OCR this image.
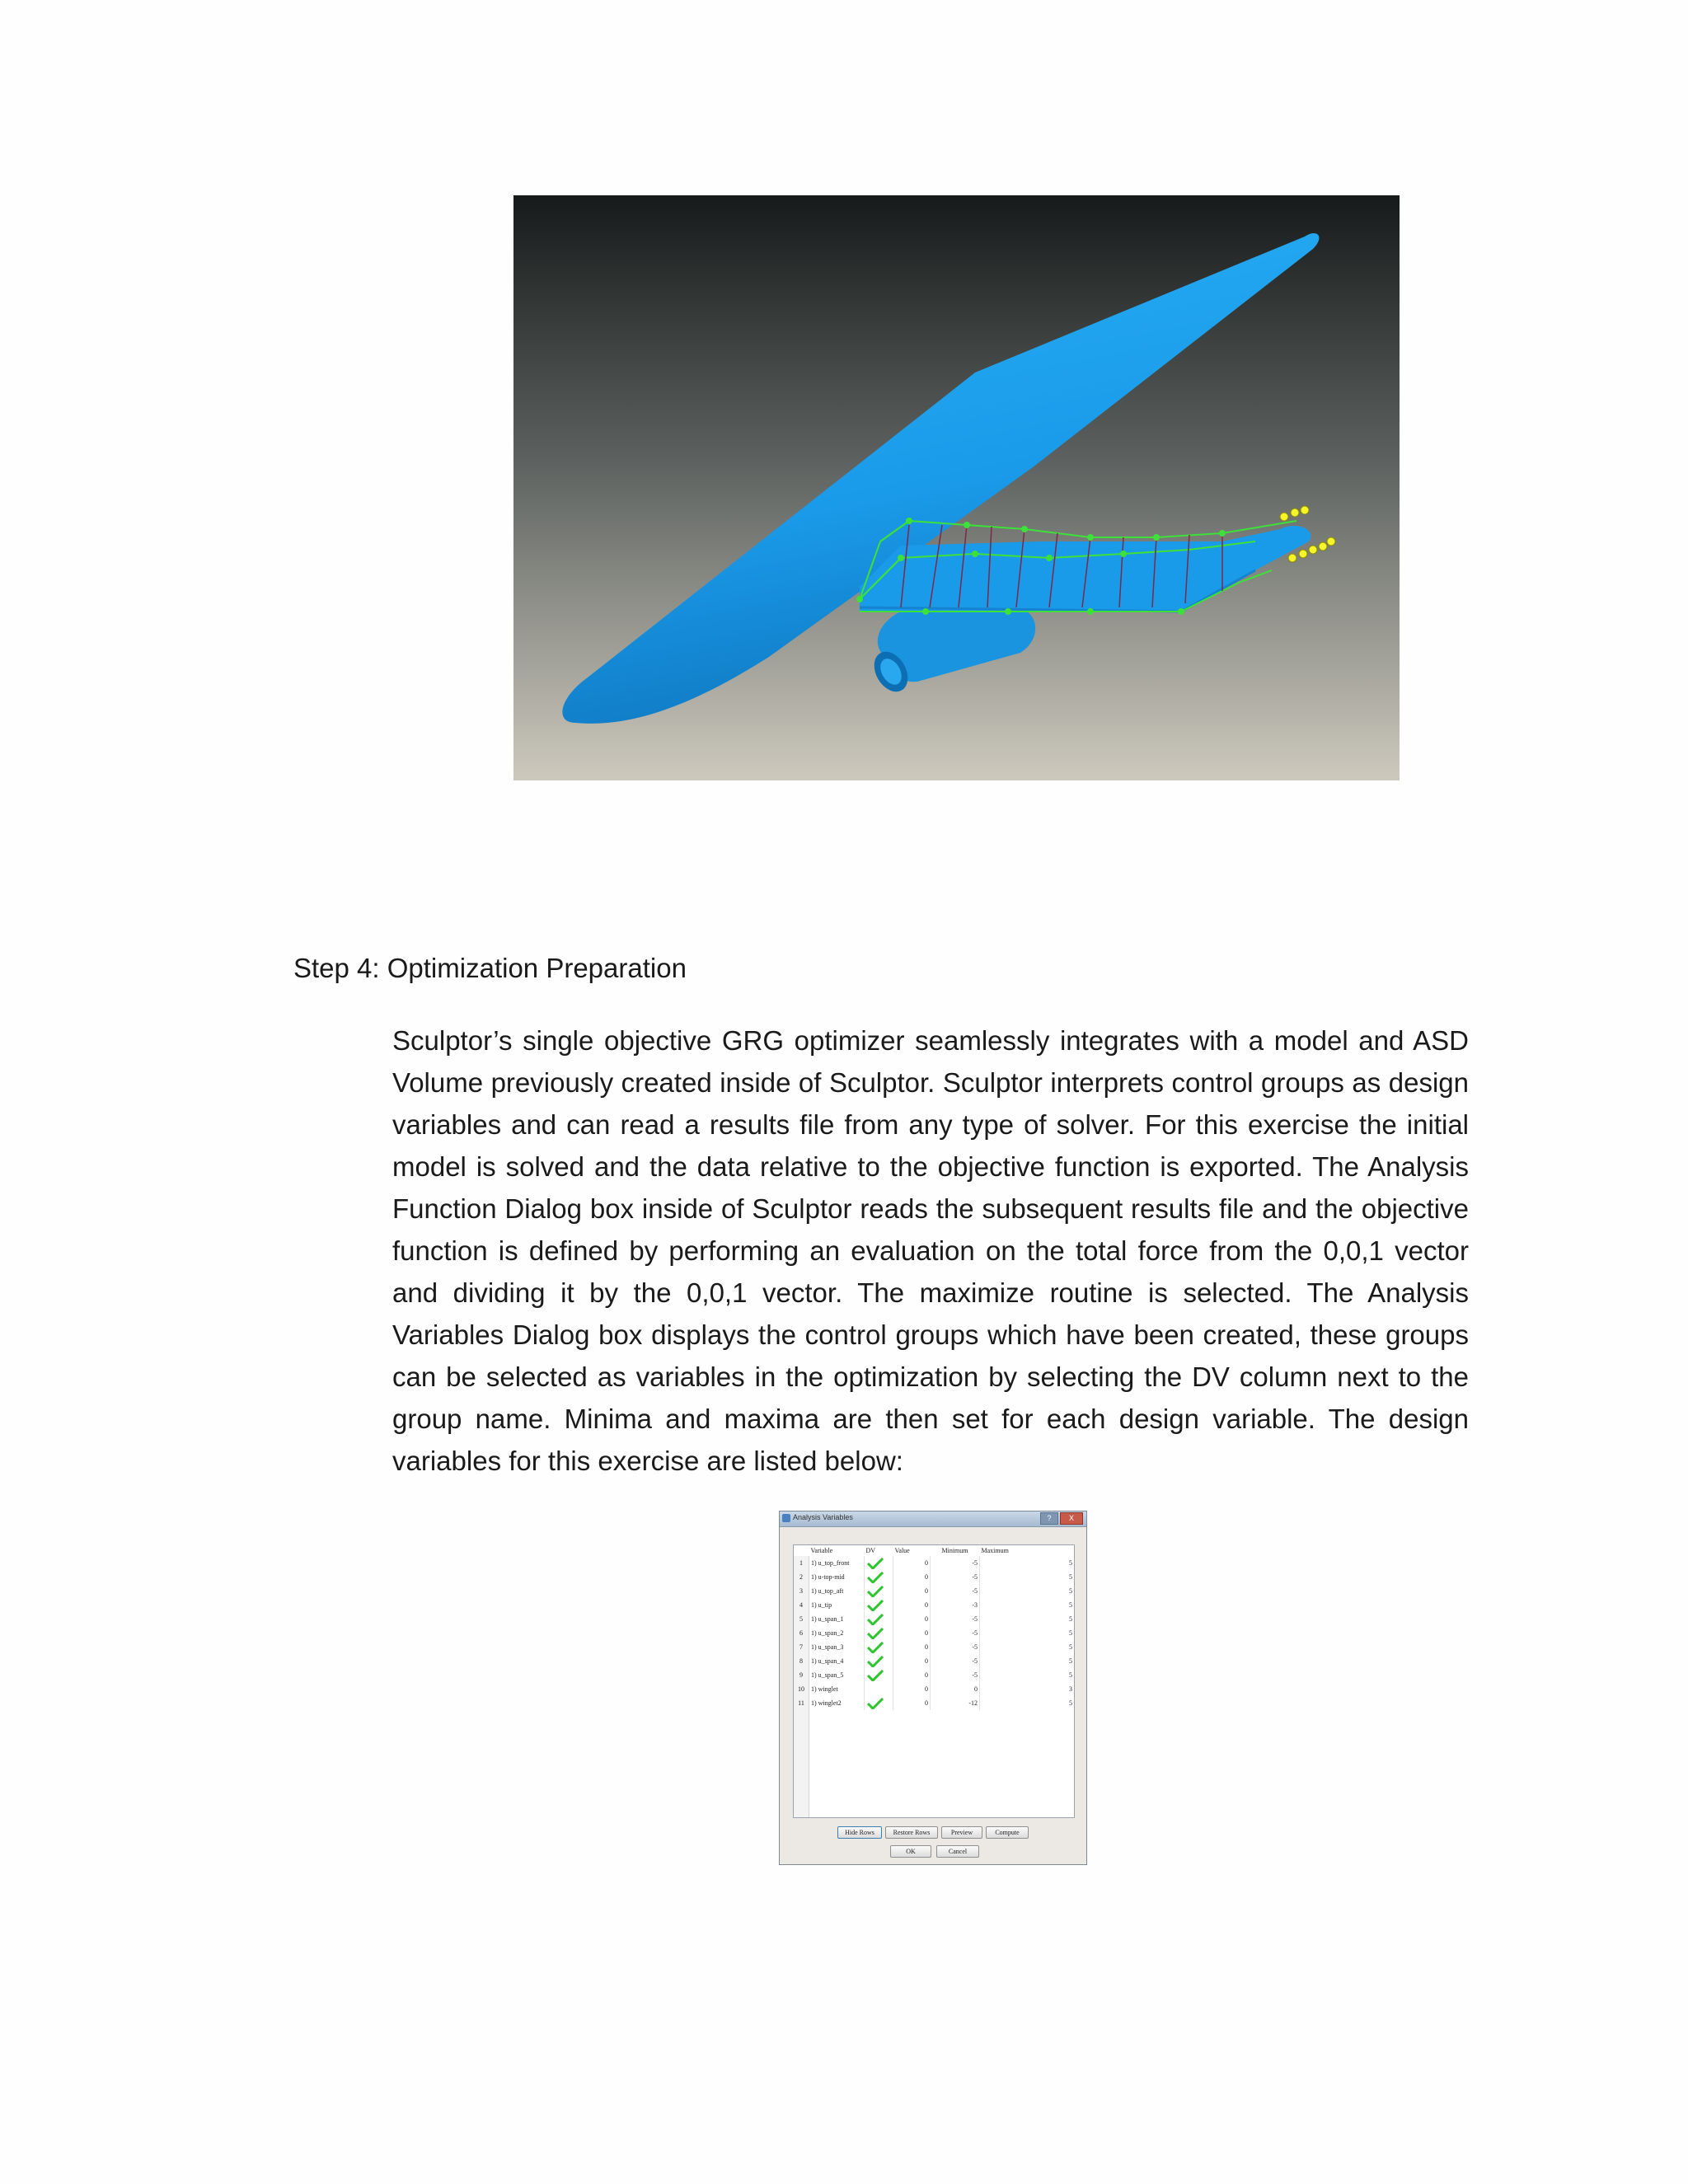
Step 4: Optimization Preparation

Sculptor’s single objective GRG optimizer seamlessly integrates with a model and ASD Volume previously created inside of Sculptor. Sculptor interprets control groups as design variables and can read a results file from any type of solver. For this exercise the initial model is solved and the data relative to the objective function is exported. The Analysis Function Dialog box inside of Sculptor reads the subsequent results file and the objective function is defined by performing an evaluation on the total force from the 0,0,1 vector and dividing it by the 0,0,1 vector. The maximize routine is selected. The Analysis Variables Dialog box displays the control groups which have been created, these groups can be selected as variables in the optimization by selecting the DV column next to the group name. Minima and maxima are then set for each design variable. The design variables for this exercise are listed below:

Analysis Variables	?	X
	Variable	DV	Value	Minimum	Maximum
1	1) u_top_front		0	-5	5
2	1) u-top-mid		0	-5	5
3	1) u_top_aft		0	-5	5
4	1) u_tip		0	-3	5
5	1) u_span_1		0	-5	5
6	1) u_span_2		0	-5	5
7	1) u_span_3		0	-5	5
8	1) u_span_4		0	-5	5
9	1) u_span_5		0	-5	5
10	1) winglet		0	0	3
11	1) winglet2		0	-12	5
Hide Rows	Restore Rows	Preview	Compute
OK	Cancel
